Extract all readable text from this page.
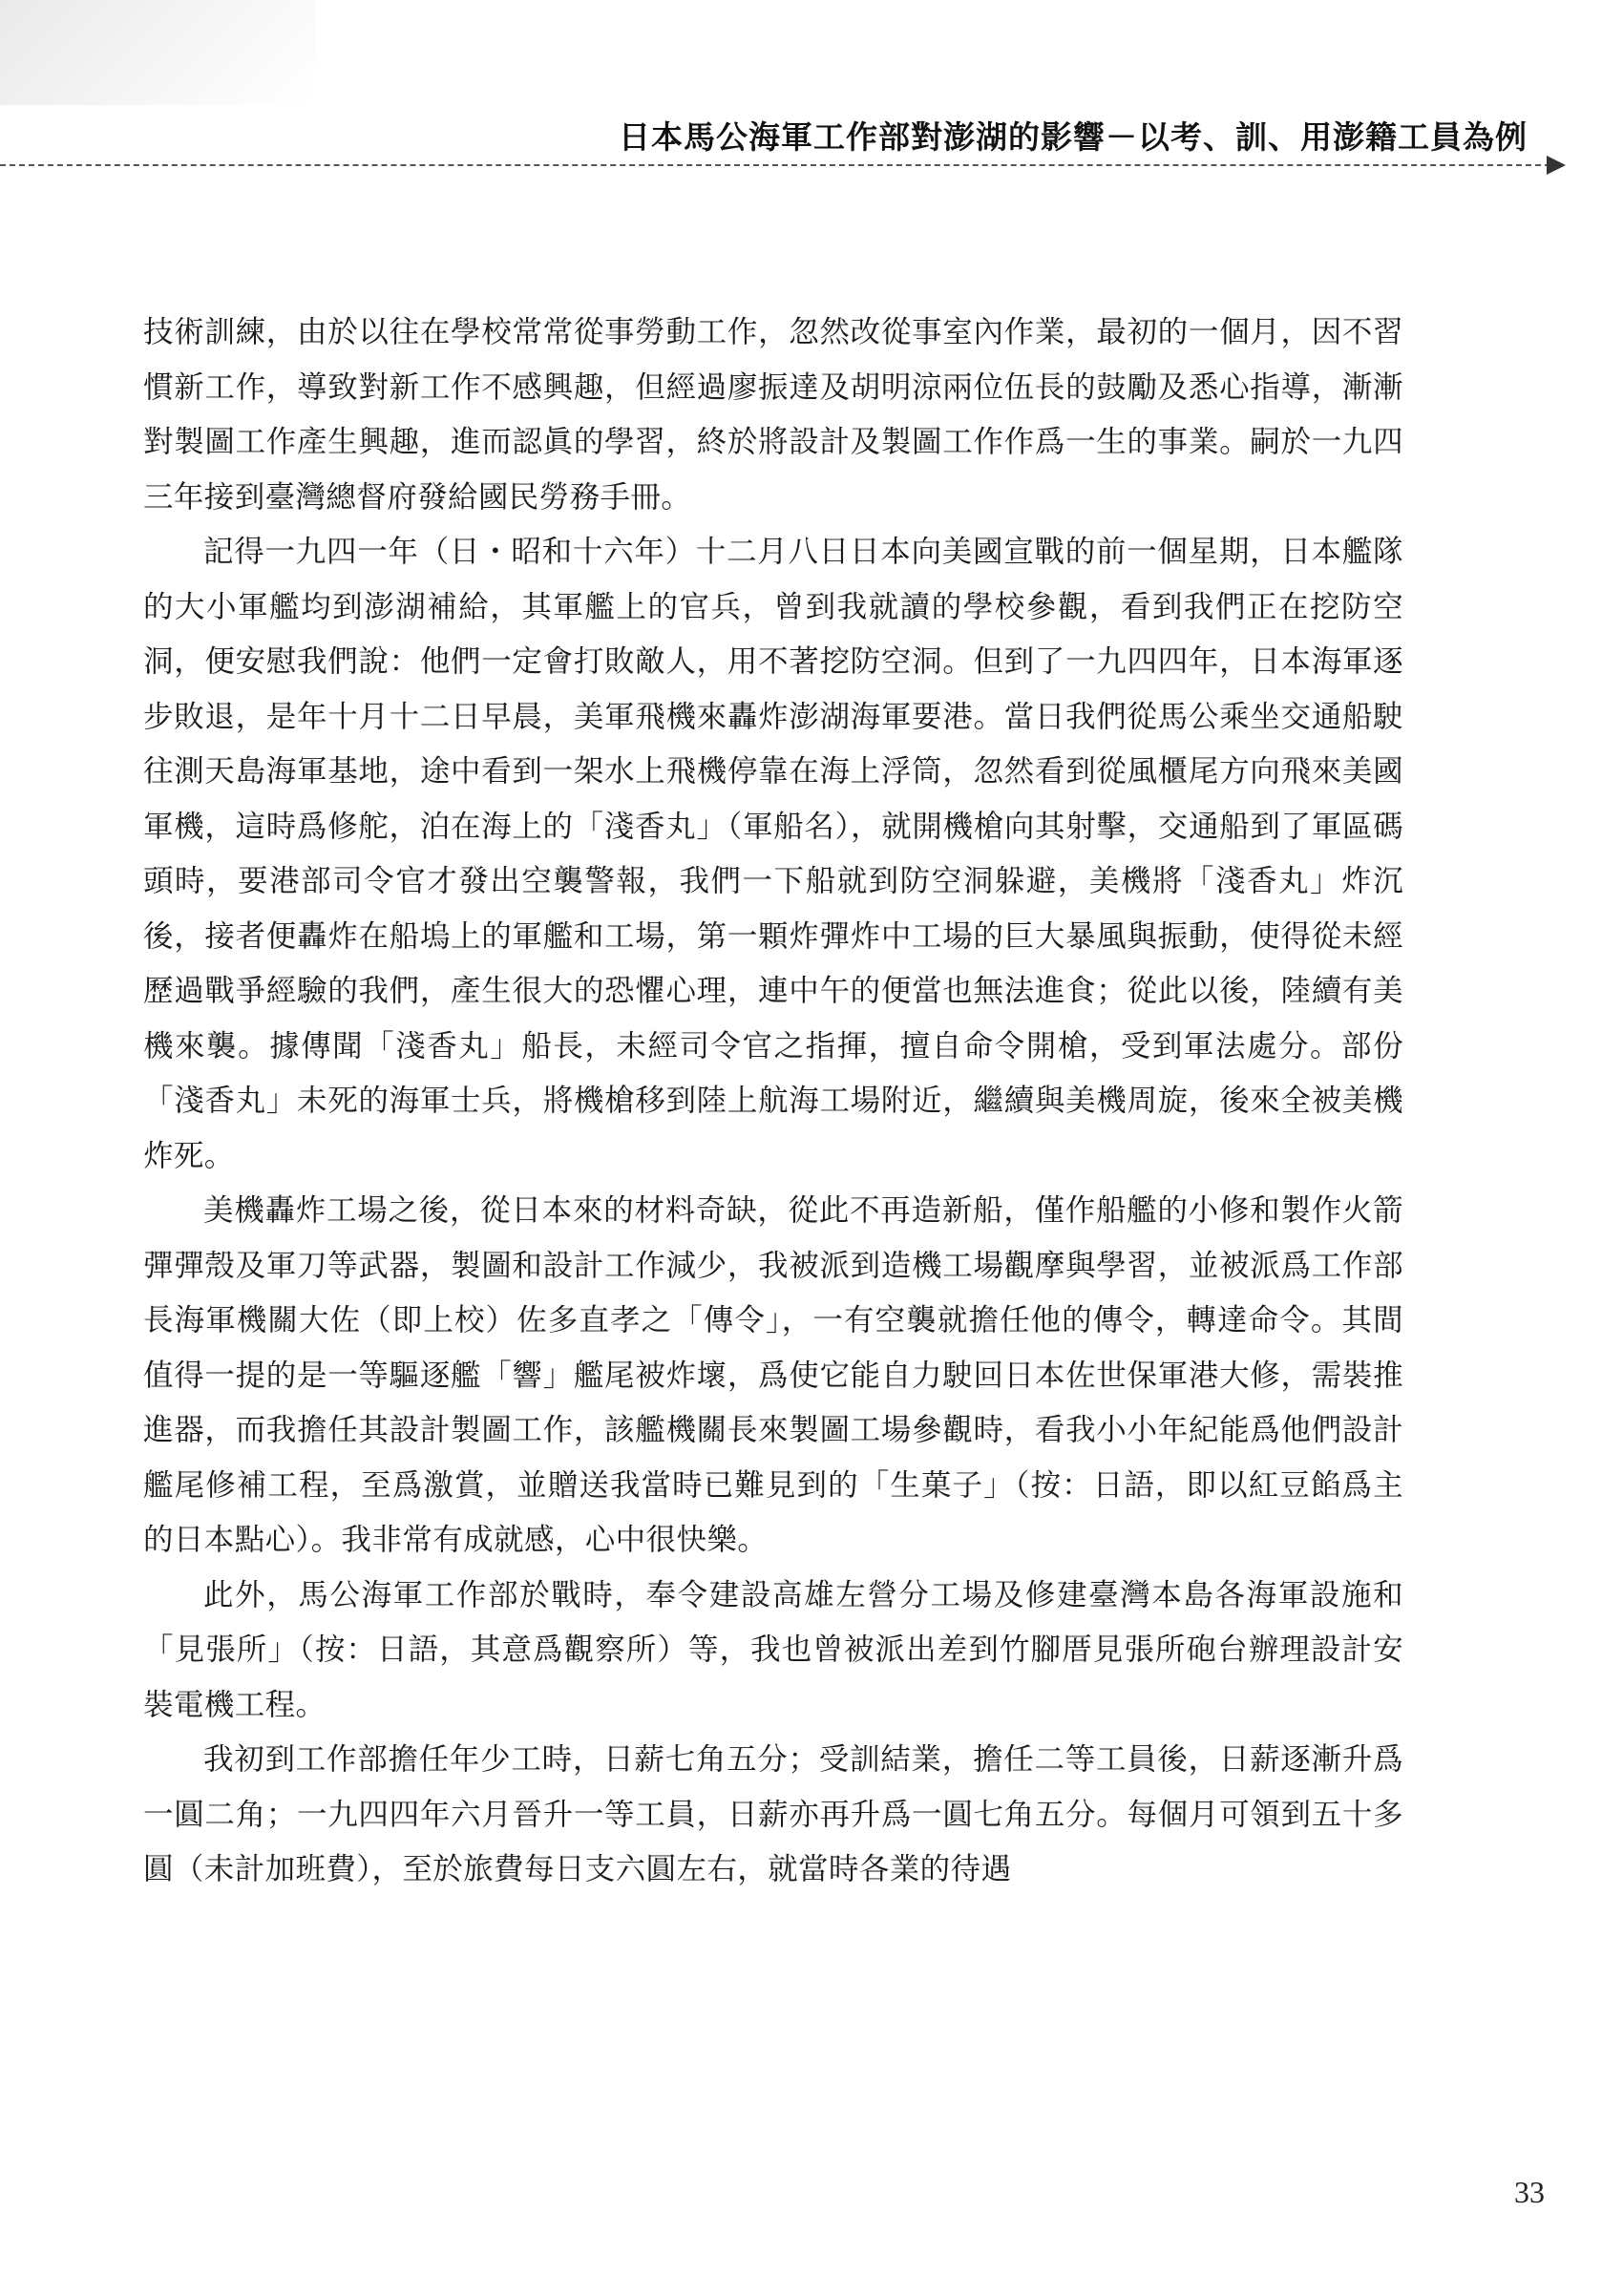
日本馬公海軍工作部對澎湖的影響－以考、訓、用澎籍工員為例

技術訓練，由於以往在學校常常從事勞動工作，忽然改從事室內作業，最初的一個月，因不習慣新工作，導致對新工作不感興趣，但經過廖振達及胡明涼兩位伍長的鼓勵及悉心指導，漸漸對製圖工作產生興趣，進而認眞的學習，終於將設計及製圖工作作爲一生的事業。嗣於一九四三年接到臺灣總督府發給國民勞務手冊。

記得一九四一年（日・昭和十六年）十二月八日日本向美國宣戰的前一個星期，日本艦隊的大小軍艦均到澎湖補給，其軍艦上的官兵，曾到我就讀的學校參觀，看到我們正在挖防空洞，便安慰我們說：他們一定會打敗敵人，用不著挖防空洞。但到了一九四四年，日本海軍逐步敗退，是年十月十二日早晨，美軍飛機來轟炸澎湖海軍要港。當日我們從馬公乘坐交通船駛往測天島海軍基地，途中看到一架水上飛機停靠在海上浮筒，忽然看到從風櫃尾方向飛來美國軍機，這時爲修舵，泊在海上的「淺香丸」（軍船名），就開機槍向其射擊，交通船到了軍區碼頭時，要港部司令官才發出空襲警報，我們一下船就到防空洞躲避，美機將「淺香丸」炸沉後，接者便轟炸在船塢上的軍艦和工場，第一顆炸彈炸中工場的巨大暴風與振動，使得從未經歷過戰爭經驗的我們，產生很大的恐懼心理，連中午的便當也無法進食；從此以後，陸續有美機來襲。據傳聞「淺香丸」船長，未經司令官之指揮，擅自命令開槍，受到軍法處分。部份「淺香丸」未死的海軍士兵，將機槍移到陸上航海工場附近，繼續與美機周旋，後來全被美機炸死。

美機轟炸工場之後，從日本來的材料奇缺，從此不再造新船，僅作船艦的小修和製作火箭彈彈殼及軍刀等武器，製圖和設計工作減少，我被派到造機工場觀摩與學習，並被派爲工作部長海軍機關大佐（即上校）佐多直孝之「傳令」，一有空襲就擔任他的傳令，轉達命令。其間值得一提的是一等驅逐艦「響」艦尾被炸壞，爲使它能自力駛回日本佐世保軍港大修，需裝推進器，而我擔任其設計製圖工作，該艦機關長來製圖工場參觀時，看我小小年紀能爲他們設計艦尾修補工程，至爲激賞，並贈送我當時已難見到的「生菓子」（按：日語，即以紅豆餡爲主的日本點心）。我非常有成就感，心中很快樂。

此外，馬公海軍工作部於戰時，奉令建設高雄左營分工場及修建臺灣本島各海軍設施和「見張所」（按：日語，其意爲觀察所）等，我也曾被派出差到竹腳厝見張所砲台辦理設計安裝電機工程。

我初到工作部擔任年少工時，日薪七角五分；受訓結業，擔任二等工員後，日薪逐漸升爲一圓二角；一九四四年六月晉升一等工員，日薪亦再升爲一圓七角五分。每個月可領到五十多圓（未計加班費），至於旅費每日支六圓左右，就當時各業的待遇

33
